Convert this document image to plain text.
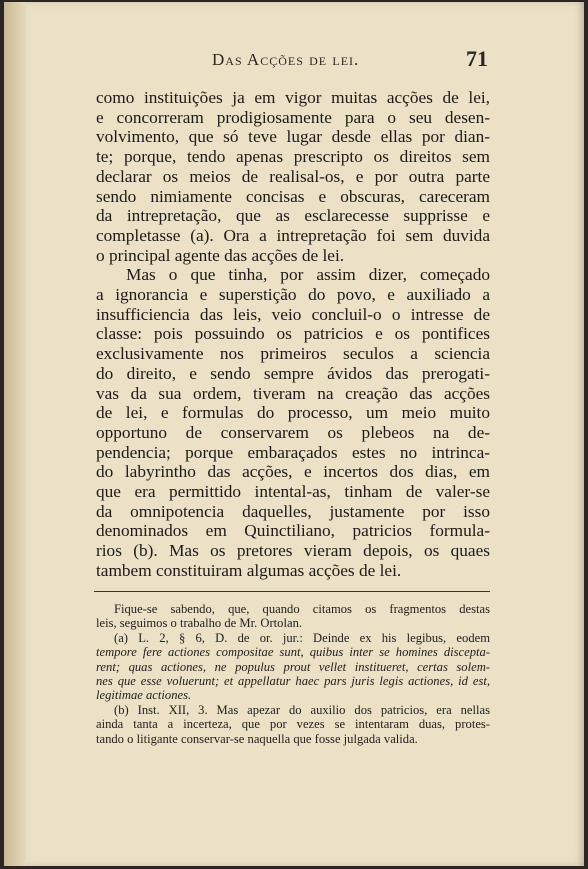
Das Acções de lei.	71
como instituições ja em vigor muitas acções de lei,
e concorreram prodigiosamente para o seu desen-
volvimento, que só teve lugar desde ellas por dian-
te; porque, tendo apenas prescripto os direitos sem
declarar os meios de realisal-os, e por outra parte
sendo nimiamente concisas e obscuras, careceram
da intrepretação, que as esclarecesse supprisse e
completasse (a). Ora a intrepretação foi sem duvida
o principal agente das acções de lei.
Mas o que tinha, por assim dizer, começado
a ignorancia e superstição do povo, e auxiliado a
insufficiencia das leis, veio concluil-o o intresse de
classe: pois possuindo os patricios e os pontifices
exclusivamente nos primeiros seculos a sciencia
do direito, e sendo sempre ávidos das prerogati-
vas da sua ordem, tiveram na creação das acções
de lei, e formulas do processo, um meio muito
opportuno de conservarem os plebeos na de-
pendencia; porque embaraçados estes no intrinca-
do labyrintho das acções, e incertos dos dias, em
que era permittido intental-as, tinham de valer-se
da omnipotencia daquelles, justamente por isso
denominados em Quinctiliano, patricios formula-
rios (b). Mas os pretores vieram depois, os quaes
tambem constituiram algumas acções de lei.
Fique-se sabendo, que, quando citamos os fragmentos destas
leis, seguimos o trabalho de Mr. Ortolan.
(a) L. 2, § 6, D. de or. jur.: Deinde ex his legibus, eodem
tempore fere actiones compositae sunt, quibus inter se homines discepta-
rent; quas actiones, ne populus prout vellet institueret, certas solem-
nes que esse voluerunt; et appellatur haec pars juris legis actiones, id est,
legitimae actiones.
(b) Inst. XII, 3. Mas apezar do auxilio dos patricios, era nellas
ainda tanta a incerteza, que por vezes se intentaram duas, protes-
tando o litigante conservar-se naquella que fosse julgada valida.
